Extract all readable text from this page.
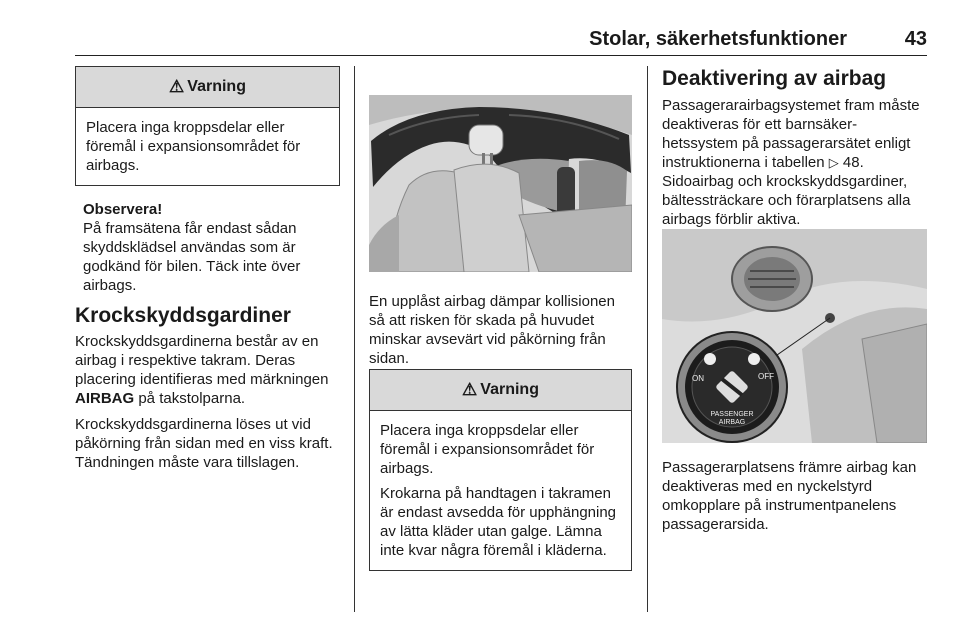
Stolar, säkerhetsfunktioner	43
⚠ Varning

Placera inga kroppsdelar eller föremål i expansionsområdet för airbags.

Observera!
På framsätena får endast sådan skyddsklädsel användas som är godkänd för bilen. Täck inte över airbags.
Krockskyddsgardiner

Krockskyddsgardinerna består av en airbag i respektive takram. Deras placering identifieras med märkningen AIRBAG på takstolparna.

Krockskyddsgardinerna löses ut vid påkörning från sidan med en viss kraft. Tändningen måste vara tillslagen.

En upplåst airbag dämpar kollisionen så att risken för skada på huvudet minskar avsevärt vid påkörning från sidan.
⚠ Varning

Placera inga kroppsdelar eller föremål i expansionsområdet för airbags.

Krokarna på handtagen i takramen är endast avsedda för upphängning av lätta kläder utan galge. Lämna inte kvar några föremål i kläderna.

Deaktivering av airbag

Passagerarairbagsystemet fram måste deaktiveras för ett barnsäkerhetssystem på passagerarsätet enligt instruktionerna i tabellen ▷ 48.

Sidoairbag och krockskyddsgardiner, bältessträckare och förarplatsens alla airbags förblir aktiva.

ON	OFF
PASSENGER
AIRBAG
Passagerarplatsens främre airbag kan deaktiveras med en nyckelstyrd omkopplare på instrumentpanelens passagerarsida.
